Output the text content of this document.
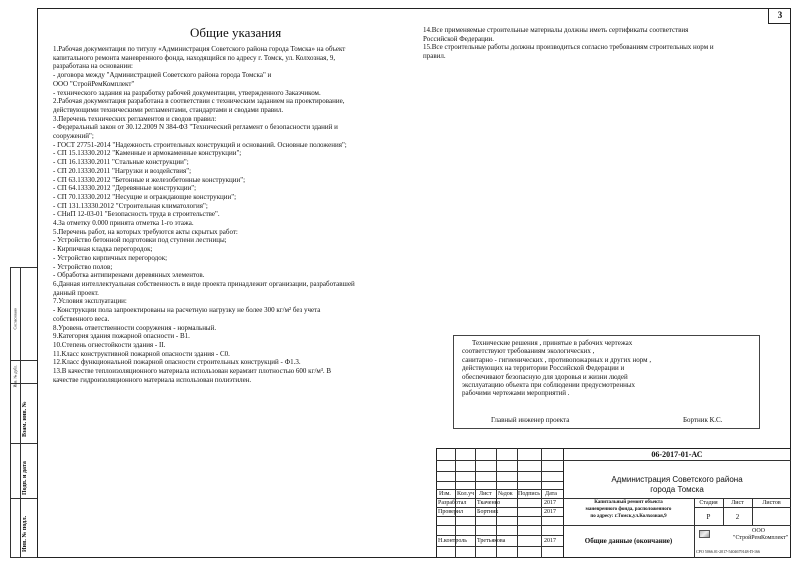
3
Согласовано
Инв. № дубл.
Взам. инв. №
Подп. и дата
Инв. № подл.
Общие указания
1.Рабочая документация по титулу «Администрация Советского района города Томска» на объект
капитального ремонта маневренного фонда, находящийся по адресу г. Томск, ул. Колхозная, 9,
разработана на основании:
- договора между "Администрацией Советского района города Томска" и
ООО "СтройРемКомплект"
- технического задания на разработку рабочей документации, утвержденного Заказчиком.
2.Рабочая документация разработана в соответствии с техническим заданием на проектирование,
действующими техническими регламентами, стандартами и сводами правил.
3.Перечень технических регламентов и сводов правил:
- Федеральный закон от 30.12.2009 N 384-ФЗ "Технический регламент о безопасности зданий и
сооружений";
- ГОСТ 27751-2014 "Надежность строительных конструкций и оснований. Основные положения";
- СП 15.13330.2012 "Каменные и армокаменные конструкции";
- СП 16.13330.2011 "Стальные конструкции";
- СП 20.13330.2011 "Нагрузки и воздействия";
- СП 63.13330.2012 "Бетонные и железобетонные конструкции";
- СП 64.13330.2012 "Деревянные конструкции";
- СП 70.13330.2012 "Несущие и ограждающие конструкции";
- СП 131.13330.2012 "Строительная климатология";
- СНиП 12-03-01 "Безопасность труда в строительстве".
4.За отметку 0.000 принята отметка 1-го этажа.
5.Перечень работ, на которых требуются акты скрытых работ:
- Устройство бетонной подготовки под ступени лестницы;
- Кирпичная кладка перегородок;
- Устройство кирпичных перегородок;
- Устройство полов;
- Обработка антипиренами деревянных элементов.
6.Данная интеллектуальная собственность в виде проекта принадлежит организации, разработавшей
данный проект.
7.Условия эксплуатации:
- Конструкции пола запроектированы на расчетную нагрузку не более 300 кг/м² без учета
собственного веса.
8.Уровень ответственности сооружения - нормальный.
9.Категория здания пожарной опасности - В1.
10.Степень огнестойкости здания - II.
11.Класс конструктивной пожарной опасности здания - С0.
12.Класс функциональной пожарной опасности строительных конструкций - Ф1.3.
13.В качестве теплоизоляционного материала использован керамзит плотностью 600 кг/м³. В
качестве гидроизоляционного материала использован полиэтилен.
14.Все применяемые строительные материалы должны иметь сертификаты соответствия
Российской Федерации.
15.Все строительные работы должны производиться согласно требованиям строительных норм и
правил.
Технические решения , принятые в рабочих чертежах
соответствуют требованиям экологических ,
санитарно - гигиенических , противопожарных и других норм ,
действующих на территории Российской Федерации и
обеспечивают безопасную для здоровья и жизни людей
эксплуатацию объекта при соблюдении предусмотренных
рабочими чертежами мероприятий .
Главный инженер проекта	Бортник К.С.
Изм. Кол.уч Лист №док Подпись Дата
Разработал Ткаченко	2017
Проверил Бортник	2017
Н.контроль Третьякова	2017
06-2017-01-АС
Администрация Советского района
города Томска
Капитальный ремонт объекта
маневренного фонда, расположенного
по адресу: г.Томск,ул.Колхозная,9
Стадия	Лист	Листов
Р	2
Общие данные (окончание)
ООО
"СтройРемКомплект"
СРО 5066.01-2017-5404679148-П-166
